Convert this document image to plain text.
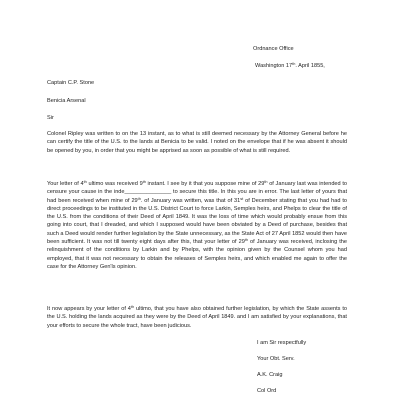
Ordnance Office
Washington 17th. April 1855,
Captain C.P. Stone
Benicia Arsenal
Sir

Colonel Ripley was written to on the 13 instant, as to what is still deemed necessary by the Attorney General before he can certify the title of the U.S. to the lands at Benicia to be valid. I noted on the envelope that if he was absent it should be opened by you, in order that you might be apprised as soon as possible of what is still required.

Your letter of 4th ultimo was received 9th instant. I see by it that you suppose mine of 29th of January last was intended to censure your cause in the inde_______________ to secure this title. In this you are in error. The last letter of yours that had been received when mine of 29th. of January was written, was that of 31st of December stating that you had had to direct proceedings to be instituted in the U.S. District Court to force Larkin, Semples heirs, and Phelps to clear the title of the U.S. from the conditions of their Deed of April 1849. It was the loss of time which would probably ensue from this going into court, that I dreaded, and which I supposed would have been obviated by a Deed of purchase, besides that such a Deed would render further legislation by the State unnecessary, as the State Act of 27 April 1852 would then have been sufficient. It was not till twenty eight days after this, that your letter of 29th of January was received, inclosing the relinquishment of the conditions by Larkin and by Phelps, with the opinion given by the Counsel whom you had employed, that it was not necessary to obtain the releases of Semples heirs, and which enabled me again to offer the case for the Attorney Gen'ls opinion.

It now appears by your letter of 4th ultimo, that you have also obtained further legislation, by which the State assents to the U.S. holding the lands acquired as they were by the Deed of April 1849. and I am satisfied by your explanations, that your efforts to secure the whole tract, have been judicious.

I am Sir respectfully
Your Obt. Serv.
A.K. Craig
Col Ord
